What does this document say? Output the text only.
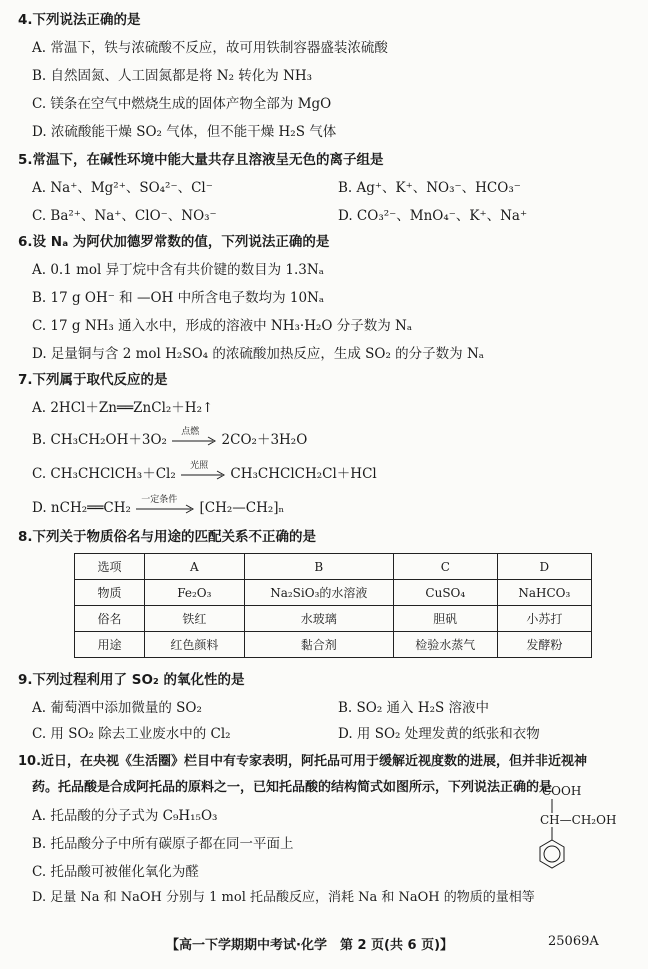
4.下列说法正确的是
A. 常温下，铁与浓硫酸不反应，故可用铁制容器盛装浓硫酸
B. 自然固氮、人工固氮都是将 N₂ 转化为 NH₃
C. 镁条在空气中燃烧生成的固体产物全部为 MgO
D. 浓硫酸能干燥 SO₂ 气体，但不能干燥 H₂S 气体
5.常温下，在碱性环境中能大量共存且溶液呈无色的离子组是
A. Na⁺、Mg²⁺、SO₄²⁻、Cl⁻	B. Ag⁺、K⁺、NO₃⁻、HCO₃⁻
C. Ba²⁺、Na⁺、ClO⁻、NO₃⁻	D. CO₃²⁻、MnO₄⁻、K⁺、Na⁺
6.设 Nₐ 为阿伏加德罗常数的值，下列说法正确的是
A. 0.1 mol 异丁烷中含有共价键的数目为 1.3Nₐ
B. 17 g OH⁻ 和 —OH 中所含电子数均为 10Nₐ
C. 17 g NH₃ 通入水中，形成的溶液中 NH₃·H₂O 分子数为 Nₐ
D. 足量铜与含 2 mol H₂SO₄ 的浓硫酸加热反应，生成 SO₂ 的分子数为 Nₐ
7.下列属于取代反应的是
A. 2HCl＋Zn══ZnCl₂＋H₂↑
B. CH₃CH₂OH＋3O₂
点燃
2CO₂＋3H₂O
C. CH₃CHClCH₃＋Cl₂
光照
CH₃CHClCH₂Cl＋HCl
D. nCH₂══CH₂
一定条件
[CH₂—CH₂]ₙ
8.下列关于物质俗名与用途的匹配关系不正确的是
选项	A	B	C	D
物质	Fe₂O₃	Na₂SiO₃的水溶液	CuSO₄	NaHCO₃
俗名	铁红	水玻璃	胆矾	小苏打
用途	红色颜料	黏合剂	检验水蒸气	发酵粉
9.下列过程利用了 SO₂ 的氧化性的是
A. 葡萄酒中添加微量的 SO₂	B. SO₂ 通入 H₂S 溶液中
C. 用 SO₂ 除去工业废水中的 Cl₂	D. 用 SO₂ 处理发黄的纸张和衣物
10.近日，在央视《生活圈》栏目中有专家表明，阿托品可用于缓解近视度数的进展，但并非近视神
药。托品酸是合成阿托品的原料之一，已知托品酸的结构简式如图所示，下列说法正确的是
A. 托品酸的分子式为 C₉H₁₅O₃
B. 托品酸分子中所有碳原子都在同一平面上
C. 托品酸可被催化氧化为醛
D. 足量 Na 和 NaOH 分别与 1 mol 托品酸反应，消耗 Na 和 NaOH 的物质的量相等
COOH
CH—CH₂OH
【高一下学期期中考试·化学　第 2 页(共 6 页)】	25069A
